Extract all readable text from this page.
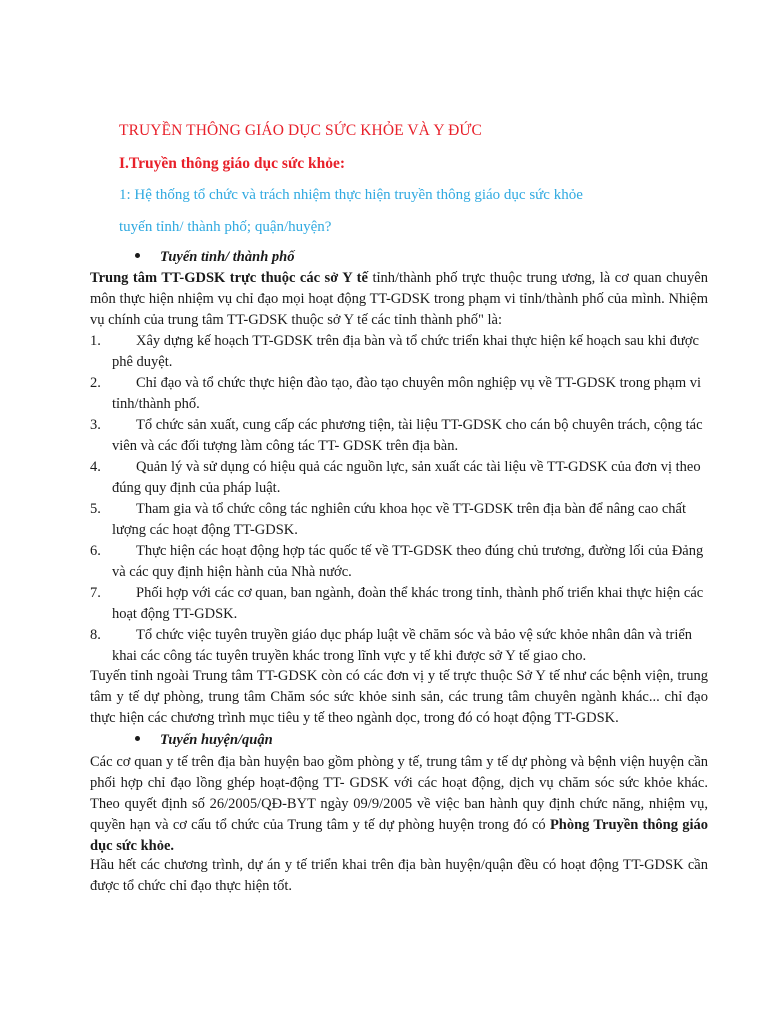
TRUYỀN THÔNG GIÁO DỤC SỨC KHỎE VÀ Y ĐỨC
I.Truyền thông giáo dục sức khỏe:
1: Hệ thống tổ chức và trách nhiệm thực hiện truyền thông giáo dục sức khỏe
tuyến tỉnh/ thành phố; quận/huyện?
Tuyến tỉnh/ thành phố
Trung tâm TT-GDSK trực thuộc các sở Y tế tỉnh/thành phố trực thuộc trung ương, là cơ quan chuyên môn thực hiện nhiệm vụ chỉ đạo mọi hoạt động TT-GDSK trong phạm vi tỉnh/thành phố của mình. Nhiệm vụ chính của trung tâm TT-GDSK thuộc sở Y tế các tỉnh thành phố" là:
1.	Xây dựng kế hoạch TT-GDSK trên địa bàn và tổ chức triển khai thực hiện kế hoạch sau khi được phê duyệt.
2.	Chỉ đạo và tổ chức thực hiện đào tạo, đào tạo chuyên môn nghiệp vụ về TT-GDSK trong phạm vi tỉnh/thành phố.
3.	Tổ chức sản xuất, cung cấp các phương tiện, tài liệu TT-GDSK cho cán bộ chuyên trách, cộng tác viên và các đối tượng làm công tác TT- GDSK trên địa bàn.
4.	Quản lý và sử dụng có hiệu quả các nguồn lực, sản xuất các tài liệu về TT-GDSK của đơn vị theo đúng quy định của pháp luật.
5.	Tham gia và tổ chức công tác nghiên cứu khoa học về TT-GDSK trên địa bàn để nâng cao chất lượng các hoạt động TT-GDSK.
6.	Thực hiện các hoạt động hợp tác quốc tế về TT-GDSK theo đúng chủ trương, đường lối của Đảng và các quy định hiện hành của Nhà nước.
7.	Phối hợp với các cơ quan, ban ngành, đoàn thể khác trong tỉnh, thành phố triển khai thực hiện các hoạt động TT-GDSK.
8.	Tổ chức việc tuyên truyền giáo dục pháp luật về chăm sóc và bảo vệ sức khỏe nhân dân và triển khai các công tác tuyên truyền khác trong lĩnh vực y tế khi được sở Y tế giao cho.
Tuyến tỉnh ngoài Trung tâm TT-GDSK còn có các đơn vị y tế trực thuộc Sở Y tế như các bệnh viện, trung tâm y tế dự phòng, trung tâm Chăm sóc sức khỏe sinh sản, các trung tâm chuyên ngành khác... chỉ đạo thực hiện các chương trình mục tiêu y tế theo ngành dọc, trong đó có hoạt động TT-GDSK.
Tuyến huyện/quận
Các cơ quan y tế trên địa bàn huyện bao gồm phòng y tế, trung tâm y tế dự phòng và bệnh viện huyện cần phối hợp chỉ đạo lồng ghép hoạt-động TT- GDSK với các hoạt động, dịch vụ chăm sóc sức khỏe khác. Theo quyết định số 26/2005/QĐ-BYT ngày 09/9/2005 về việc ban hành quy định chức năng, nhiệm vụ, quyền hạn và cơ cấu tổ chức của Trung tâm y tế dự phòng huyện trong đó có Phòng Truyền thông giáo dục sức khỏe.
Hầu hết các chương trình, dự án y tế triển khai trên địa bàn huyện/quận đều có hoạt động TT-GDSK cần được tổ chức chỉ đạo thực hiện tốt.
